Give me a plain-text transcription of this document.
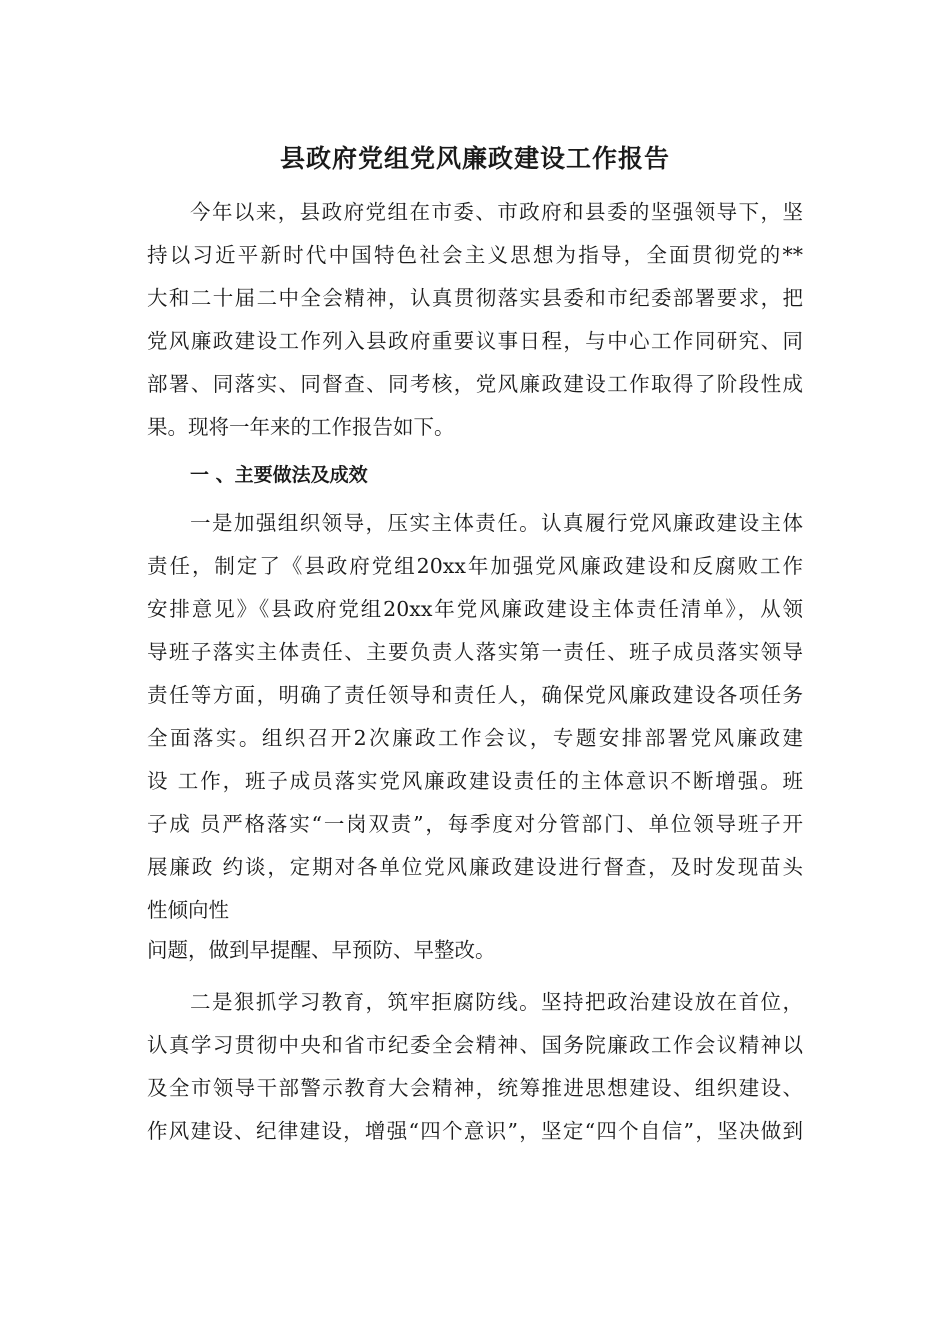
县政府党组党风廉政建设工作报告
今年以来，县政府党组在市委、市政府和县委的坚强领导下，坚
持以习近平新时代中国特色社会主义思想为指导，全面贯彻党的**
大和二十届二中全会精神，认真贯彻落实县委和市纪委部署要求，把
党风廉政建设工作列入县政府重要议事日程，与中心工作同研究、同
部署、同落实、同督查、同考核，党风廉政建设工作取得了阶段性成
果。现将一年来的工作报告如下。
一 、主要做法及成效
一是加强组织领导，压实主体责任。认真履行党风廉政建设主体
责任，制定了《县政府党组20xx年加强党风廉政建设和反腐败工作
安排意见》《县政府党组20xx年党风廉政建设主体责任清单》，从领
导班子落实主体责任、主要负责人落实第一责任、班子成员落实领导
责任等方面，明确了责任领导和责任人，确保党风廉政建设各项任务
全面落实。组织召开2次廉政工作会议，专题安排部署党风廉政建
设 工作，班子成员落实党风廉政建设责任的主体意识不断增强。班
子成 员严格落实“一岗双责”，每季度对分管部门、单位领导班子开
展廉政 约谈，定期对各单位党风廉政建设进行督查，及时发现苗头
性倾向性
问题，做到早提醒、早预防、早整改。
二是狠抓学习教育，筑牢拒腐防线。坚持把政治建设放在首位，
认真学习贯彻中央和省市纪委全会精神、国务院廉政工作会议精神以
及全市领导干部警示教育大会精神，统筹推进思想建设、组织建设、
作风建设、纪律建设，增强“四个意识”，坚定“四个自信”，坚决做到
